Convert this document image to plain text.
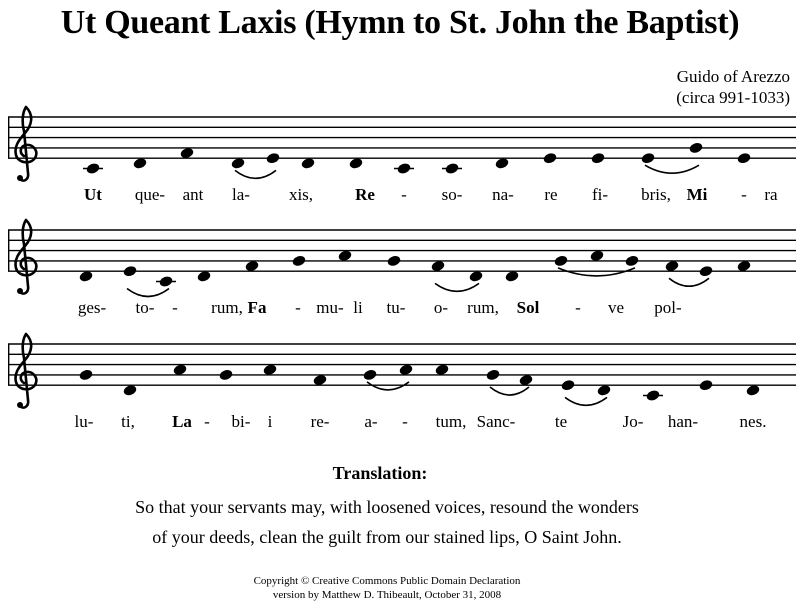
Ut Queant Laxis (Hymn to St. John the Baptist)
Guido of Arezzo
(circa 991-1033)
Ut que- ant la- xis, Re - so- na- re fi- bris, Mi - ra
ges- to- - rum, Fa - mu- li tu- o- rum, Sol - ve pol-
lu- ti, La - bi- i re- a- - tum, Sanc- te	Jo- han- nes.
Translation:
So that your servants may, with loosened voices, resound the wonders
of your deeds, clean the guilt from our stained lips, O Saint John.
Copyright © Creative Commons Public Domain Declaration
version by Matthew D. Thibeault, October 31, 2008
